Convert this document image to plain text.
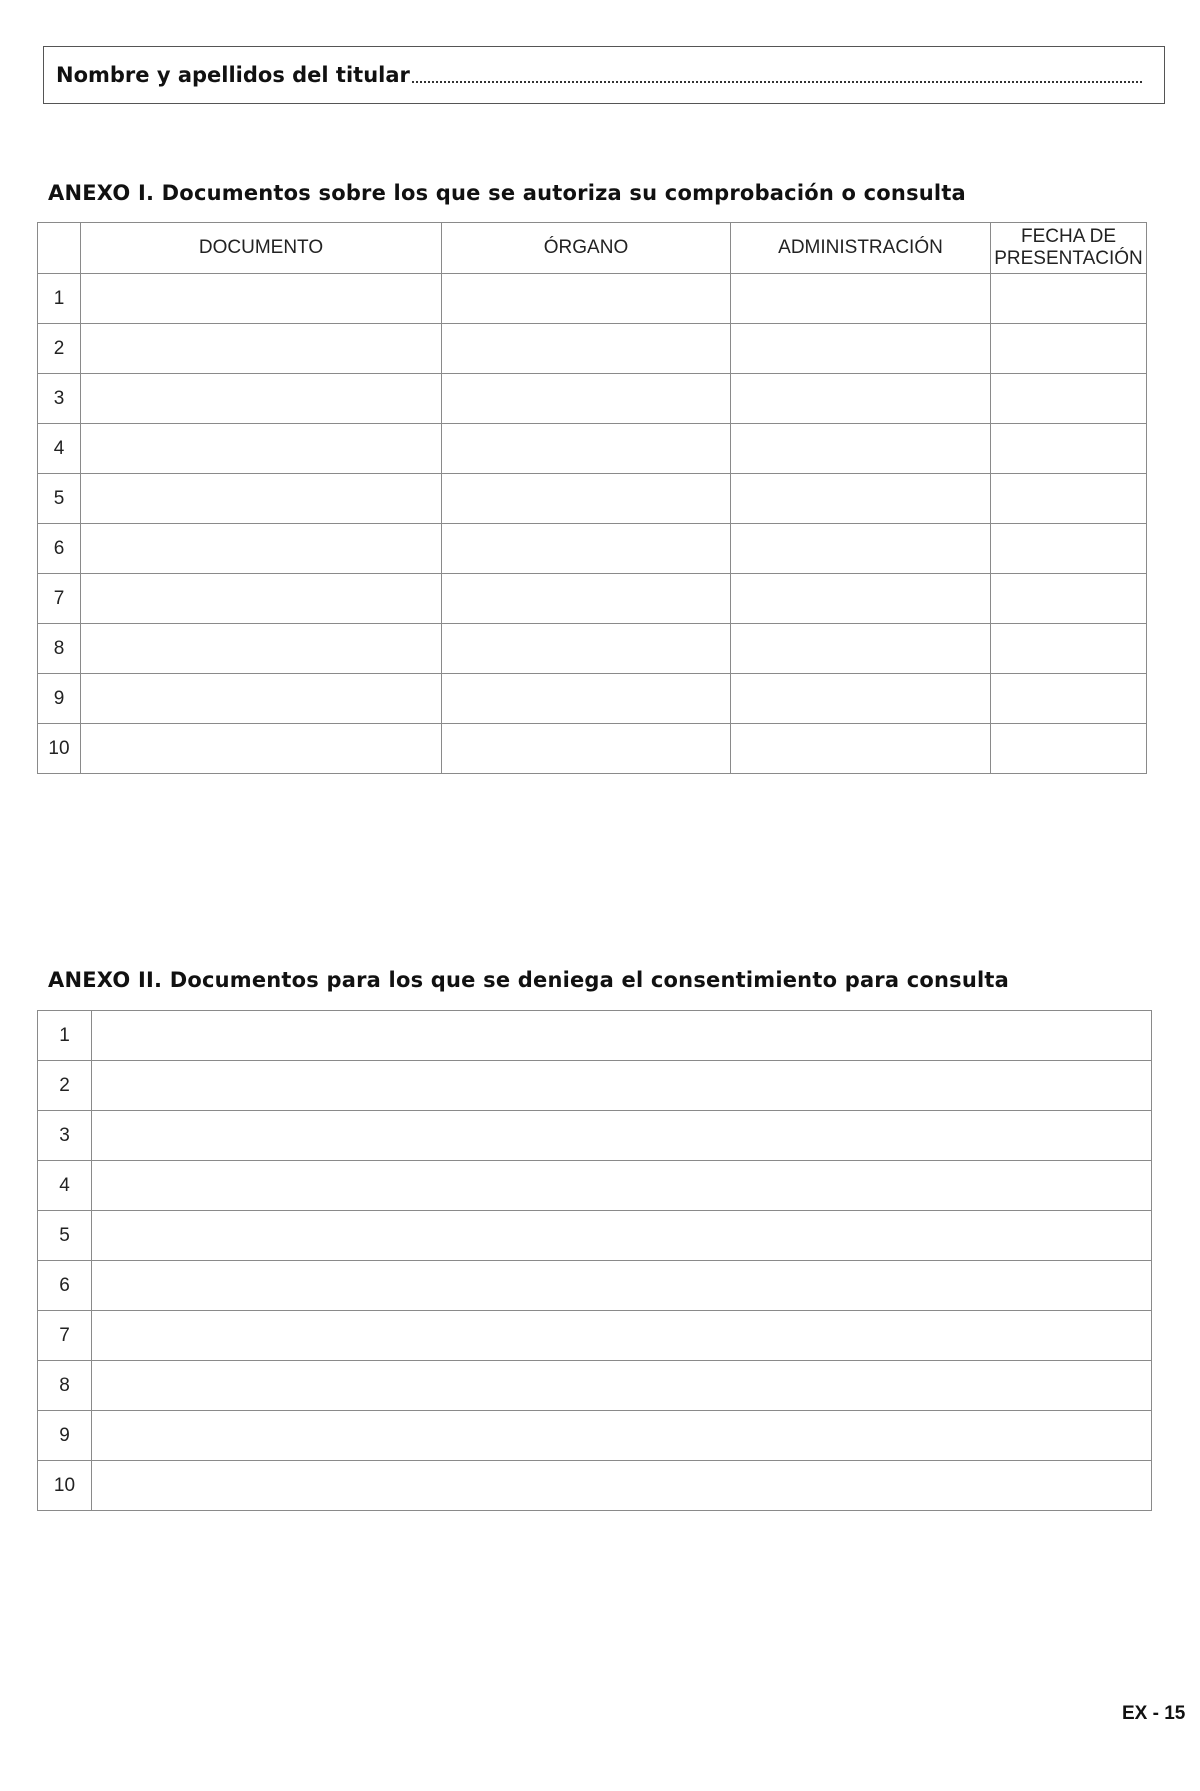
Nombre y apellidos del titular
ANEXO I. Documentos sobre los que se autoriza su comprobación o consulta
	DOCUMENTO	ÓRGANO	ADMINISTRACIÓN	FECHA DE
PRESENTACIÓN

1				
2				
3				
4				
5				
6				
7				
8				
9				
10				
ANEXO II. Documentos para los que se deniega el consentimiento para consulta
1	
2	
3	
4	
5	
6	
7	
8	
9	
10	
EX - 15
